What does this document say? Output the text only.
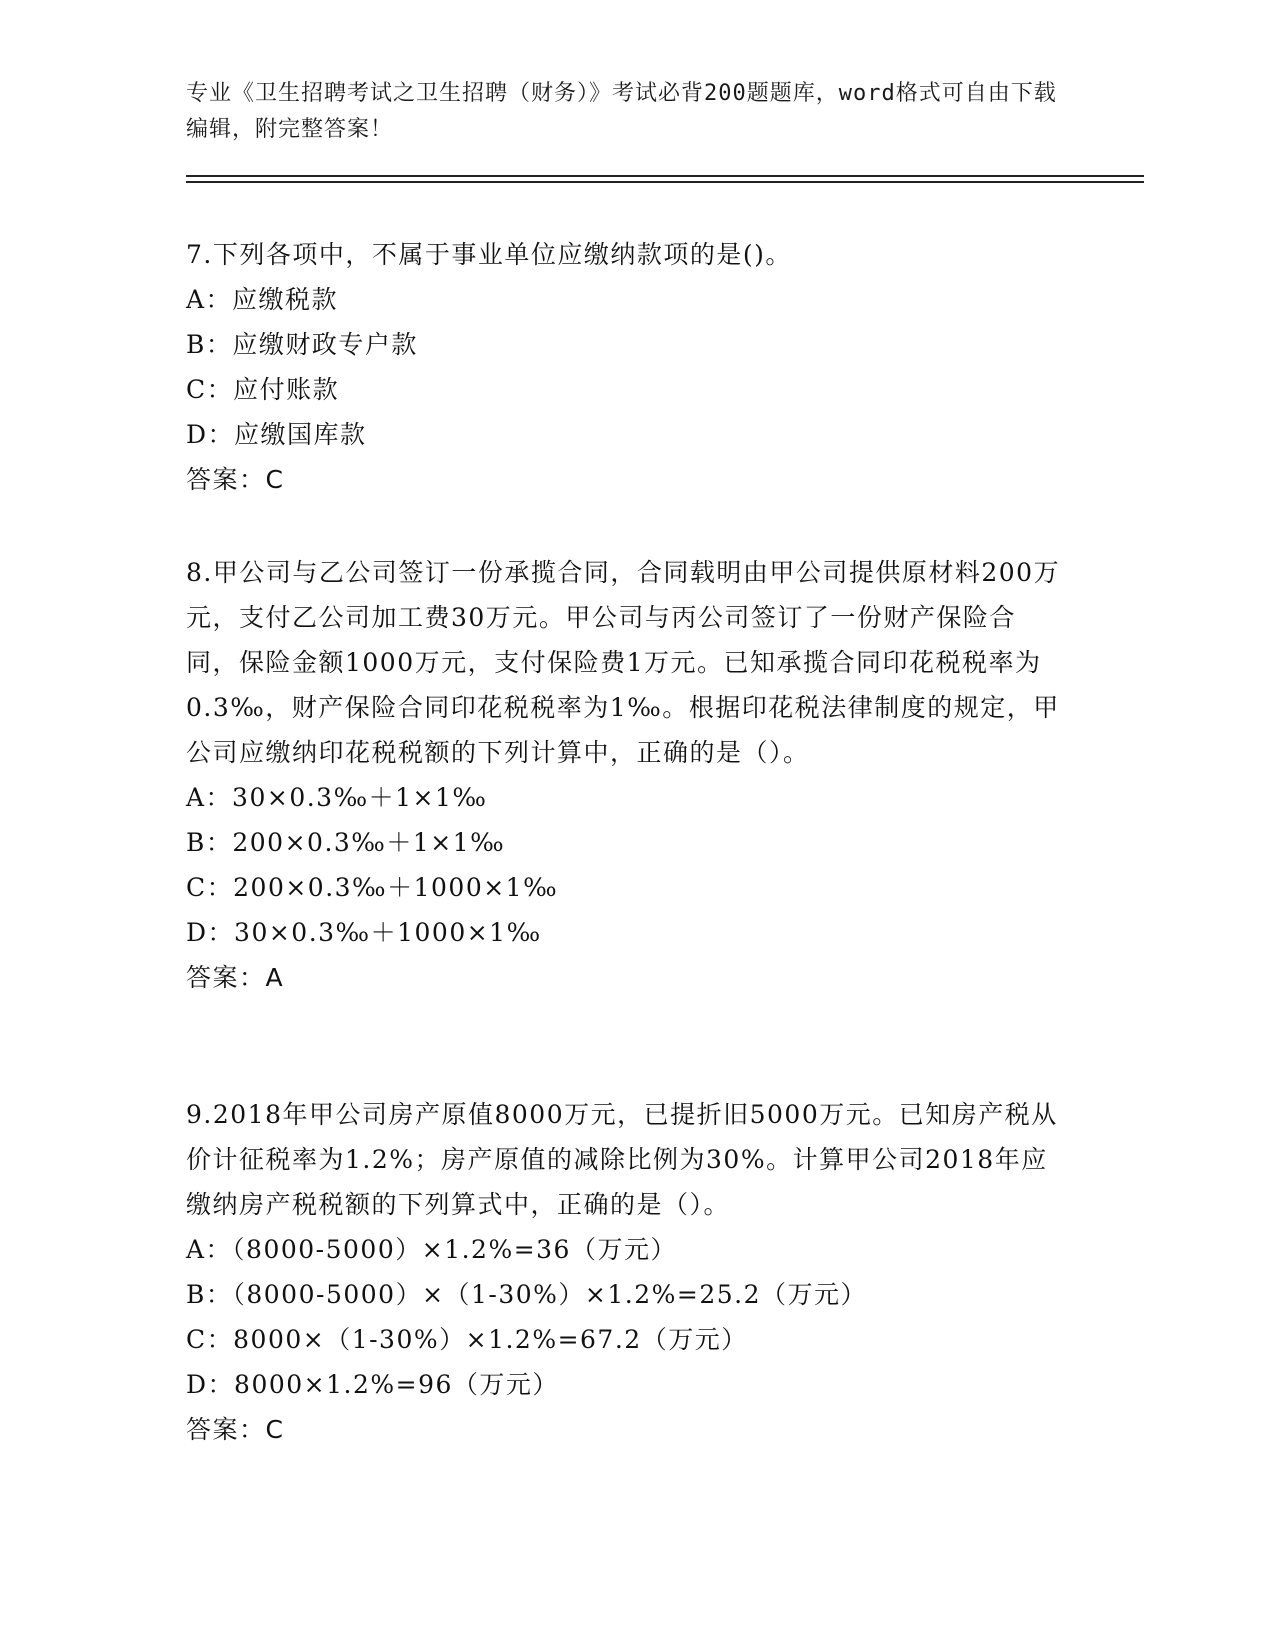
专业《卫生招聘考试之卫生招聘（财务）》考试必背200题题库，word格式可自由下载编辑，附完整答案！

7.下列各项中，不属于事业单位应缴纳款项的是()。

A：应缴税款

B：应缴财政专户款

C：应付账款

D：应缴国库款

答案：C

8.甲公司与乙公司签订一份承揽合同，合同载明由甲公司提供原材料200万元，支付乙公司加工费30万元。甲公司与丙公司签订了一份财产保险合同，保险金额1000万元，支付保险费1万元。已知承揽合同印花税税率为0.3‰，财产保险合同印花税税率为1‰。根据印花税法律制度的规定，甲公司应缴纳印花税税额的下列计算中，正确的是（）。

A：30×0.3‰＋1×1‰

B：200×0.3‰＋1×1‰

C：200×0.3‰＋1000×1‰

D：30×0.3‰＋1000×1‰

答案：A

9.2018年甲公司房产原值8000万元，已提折旧5000万元。已知房产税从价计征税率为1.2%；房产原值的减除比例为30%。计算甲公司2018年应缴纳房产税税额的下列算式中，正确的是（）。

A：（8000-5000）×1.2%=36（万元）

B：（8000-5000）×（1-30%）×1.2%=25.2（万元）

C：8000×（1-30%）×1.2%=67.2（万元）

D：8000×1.2%=96（万元）

答案：C
